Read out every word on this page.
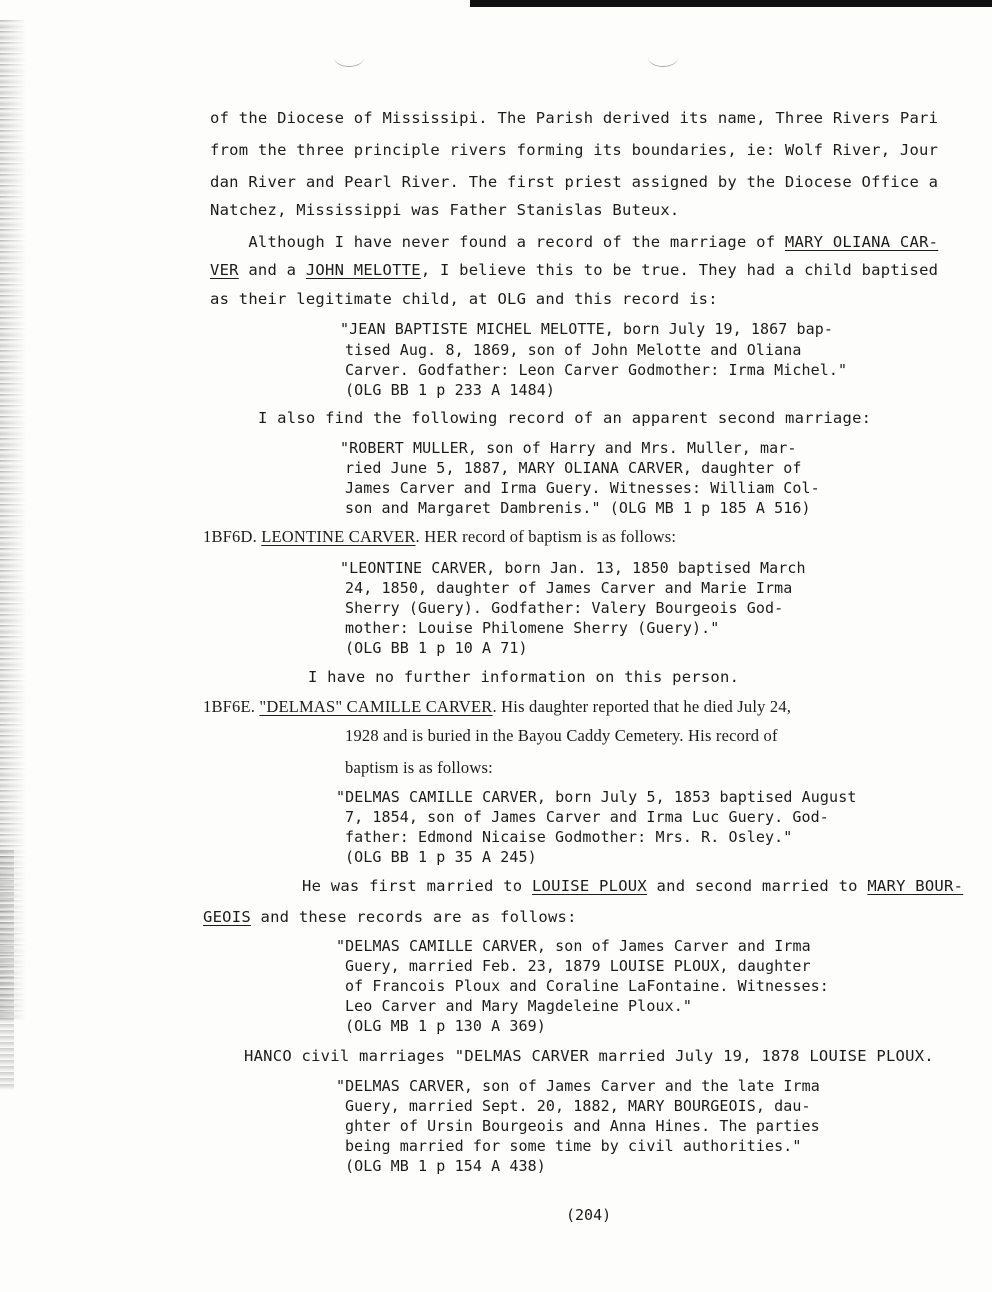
of the Diocese of Mississipi. The Parish derived its name, Three Rivers Pari
from the three principle rivers forming its boundaries, ie: Wolf River, Jour
dan River and Pearl River. The first priest assigned by the Diocese Office a
Natchez, Mississippi was Father Stanislas Buteux.
Although I have never found a record of the marriage of MARY OLIANA CAR-
VER and a JOHN MELOTTE, I believe this to be true. They had a child baptised
as their legitimate child, at OLG and this record is:
"JEAN BAPTISTE MICHEL MELOTTE, born July 19, 1867 bap-
tised Aug. 8, 1869, son of John Melotte and Oliana
Carver. Godfather: Leon Carver Godmother: Irma Michel."
(OLG BB 1 p 233 A 1484)
I also find the following record of an apparent second marriage:
"ROBERT MULLER, son of Harry and Mrs. Muller, mar-
ried June 5, 1887, MARY OLIANA CARVER, daughter of
James Carver and Irma Guery. Witnesses: William Col-
son and Margaret Dambrenis." (OLG MB 1 p 185 A 516)
1BF6D. LEONTINE CARVER. HER record of baptism is as follows:
"LEONTINE CARVER, born Jan. 13, 1850 baptised March
24, 1850, daughter of James Carver and Marie Irma
Sherry (Guery). Godfather: Valery Bourgeois God-
mother: Louise Philomene Sherry (Guery)."
(OLG BB 1 p 10 A 71)
I have no further information on this person.
1BF6E. "DELMAS" CAMILLE CARVER. His daughter reported that he died July 24,
1928 and is buried in the Bayou Caddy Cemetery. His record of
baptism is as follows:
"DELMAS CAMILLE CARVER, born July 5, 1853 baptised August
7, 1854, son of James Carver and Irma Luc Guery. God-
father: Edmond Nicaise Godmother: Mrs. R. Osley."
(OLG BB 1 p 35 A 245)
He was first married to LOUISE PLOUX and second married to MARY BOUR-
GEOIS and these records are as follows:
"DELMAS CAMILLE CARVER, son of James Carver and Irma
Guery, married Feb. 23, 1879 LOUISE PLOUX, daughter
of Francois Ploux and Coraline LaFontaine. Witnesses:
Leo Carver and Mary Magdeleine Ploux."
(OLG MB 1 p 130 A 369)
HANCO civil marriages "DELMAS CARVER married July 19, 1878 LOUISE PLOUX.
"DELMAS CARVER, son of James Carver and the late Irma
Guery, married Sept. 20, 1882, MARY BOURGEOIS, dau-
ghter of Ursin Bourgeois and Anna Hines. The parties
being married for some time by civil authorities."
(OLG MB 1 p 154 A 438)
(204)
